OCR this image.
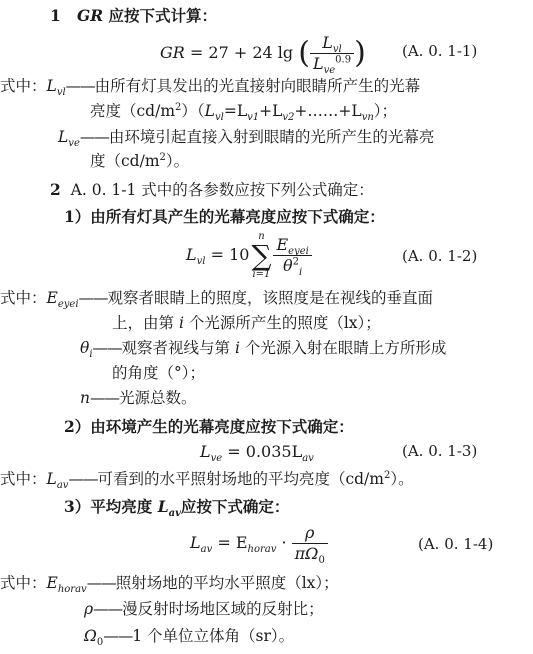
1 GR 应按下式计算：
GR = 27 + 24 lg ( $\frac{L_{vl}}{L_{ve}^{0.9}}$ ) (A. 0. 1-1)
式中：$L_{vl}——$由所有灯具发出的光直接射向眼睛所产生的光幕
亮度$(cd/m^2)(L_{vl}=L_{v1}+L_{v2}+\dots\dots+L_{vn})$；
$L_{ve}——$由环境引起直接入射到眼睛的光所产生的光幕亮
度$(cd/m^2)$。
2 A. 0. 1-1 式中的各参数应按下列公式确定：
1）由所有灯具产生的光幕亮度应按下式确定：
$L_{vl} = 10$
n
∑
$i=1 \frac{E_{eyei}}{\theta^2_i}$	(A. 0. 1-2)
式中：$E_{eyei}——$观察者眼睛上的照度，该照度是在视线的垂直面
上，由第 i 个光源所产生的照度（lx）；
$\theta_i——$观察者视线与第 i 个光源入射在眼睛上方所形成
的角度（°）；
n——光源总数。
2）由环境产生的光幕亮度应按下式确定：
$L_{ve} = 0.035L_{av}$	(A. 0. 1-3)
式中：$L_{av}——$可看到的水平照射场地的平均亮度$(cd/m^2)$。
3）平均亮度 $L_{av}$应按下式确定：
$L_{av} = E_{horav} \cdot \frac{\rho}{\pi\Omega_0}$	(A. 0. 1-4)
式中：$E_{horav}——$照射场地的平均水平照度（lx）；
ρ——漫反射时场地区域的反射比；
$\Omega_0——1$ 个单位立体角（sr）。
